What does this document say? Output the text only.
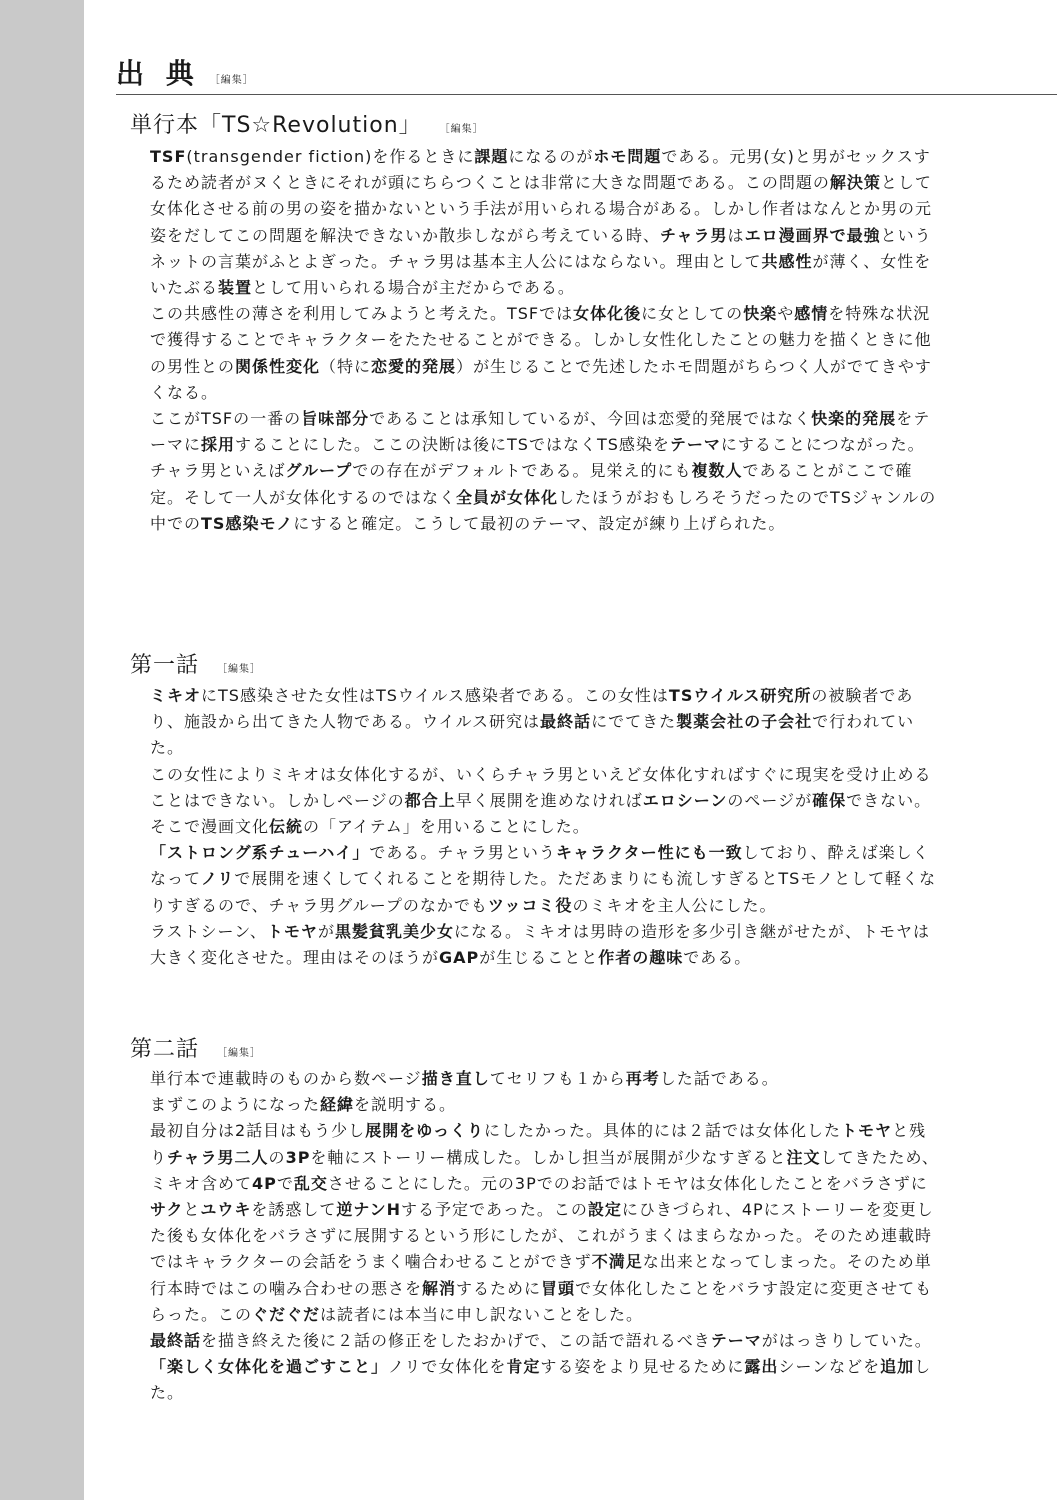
出 典 ［編集］
単行本「TS☆Revolution」 ［編集］

TSF(transgender fiction)を作るときに課題になるのがホモ問題である。元男(女)と男がセックスするため読者がヌくときにそれが頭にちらつくことは非常に大きな問題である。この問題の解決策として女体化させる前の男の姿を描かないという手法が用いられる場合がある。しかし作者はなんとか男の元姿をだしてこの問題を解決できないか散歩しながら考えている時、チャラ男はエロ漫画界で最強というネットの言葉がふとよぎった。チャラ男は基本主人公にはならない。理由として共感性が薄く、女性をいたぶる装置として用いられる場合が主だからである。

この共感性の薄さを利用してみようと考えた。TSFでは女体化後に女としての快楽や感情を特殊な状況で獲得することでキャラクターをたたせることができる。しかし女性化したことの魅力を描くときに他の男性との関係性変化（特に恋愛的発展）が生じることで先述したホモ問題がちらつく人がでてきやすくなる。

ここがTSFの一番の旨味部分であることは承知しているが、今回は恋愛的発展ではなく快楽的発展をテーマに採用することにした。ここの決断は後にTSではなくTS感染をテーマにすることにつながった。

チャラ男といえばグループでの存在がデフォルトである。見栄え的にも複数人であることがここで確定。そして一人が女体化するのではなく全員が女体化したほうがおもしろそうだったのでTSジャンルの中でのTS感染モノにすると確定。こうして最初のテーマ、設定が練り上げられた。

第一話 ［編集］

ミキオにTS感染させた女性はTSウイルス感染者である。この女性はTSウイルス研究所の被験者であり、施設から出てきた人物である。ウイルス研究は最終話にでてきた製薬会社の子会社で行われていた。

この女性によりミキオは女体化するが、いくらチャラ男といえど女体化すればすぐに現実を受け止めることはできない。しかしページの都合上早く展開を進めなければエロシーンのページが確保できない。そこで漫画文化伝統の「アイテム」を用いることにした。

「ストロング系チューハイ」である。チャラ男というキャラクター性にも一致しており、酔えば楽しくなってノリで展開を速くしてくれることを期待した。ただあまりにも流しすぎるとTSモノとして軽くなりすぎるので、チャラ男グループのなかでもツッコミ役のミキオを主人公にした。

ラストシーン、トモヤが黒髪貧乳美少女になる。ミキオは男時の造形を多少引き継がせたが、トモヤは大きく変化させた。理由はそのほうがGAPが生じることと作者の趣味である。

第二話 ［編集］

単行本で連載時のものから数ページ描き直してセリフも１から再考した話である。

まずこのようになった経緯を説明する。

最初自分は2話目はもう少し展開をゆっくりにしたかった。具体的には２話では女体化したトモヤと残りチャラ男二人の3Pを軸にストーリー構成した。しかし担当が展開が少なすぎると注文してきたため、ミキオ含めて4Pで乱交させることにした。元の3Pでのお話ではトモヤは女体化したことをバラさずにサクとユウキを誘惑して逆ナンHする予定であった。この設定にひきづられ、4Pにストーリーを変更した後も女体化をバラさずに展開するという形にしたが、これがうまくはまらなかった。そのため連載時ではキャラクターの会話をうまく噛合わせることができず不満足な出来となってしまった。そのため単行本時ではこの噛み合わせの悪さを解消するために冒頭で女体化したことをバラす設定に変更させてもらった。このぐだぐだは読者には本当に申し訳ないことをした。

最終話を描き終えた後に２話の修正をしたおかげで、この話で語れるべきテーマがはっきりしていた。「楽しく女体化を過ごすこと」ノリで女体化を肯定する姿をより見せるために露出シーンなどを追加した。
